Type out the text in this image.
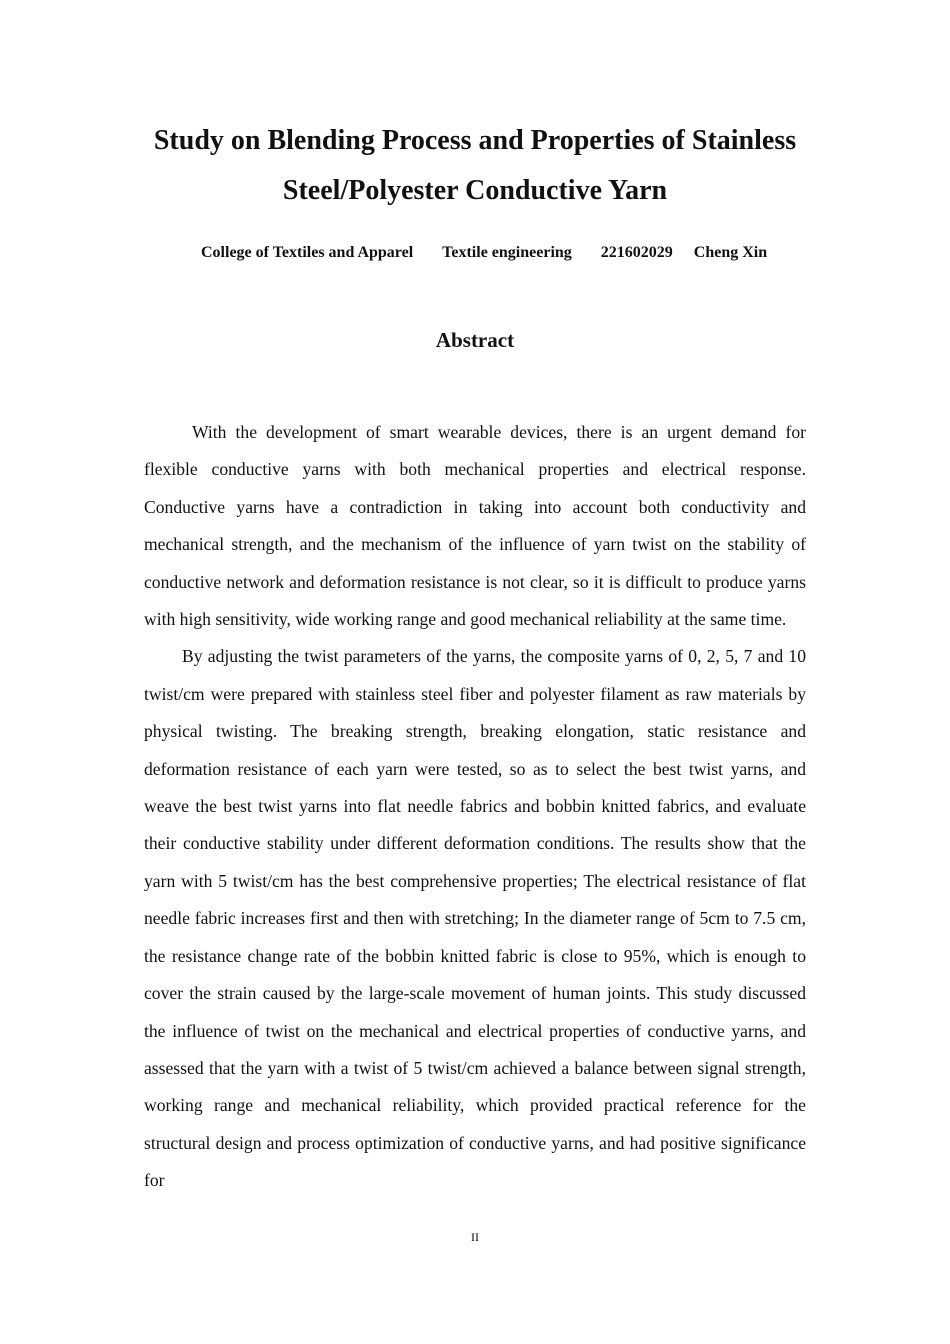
Study on Blending Process and Properties of Stainless
Steel/Polyester Conductive Yarn
College of Textiles and Apparel Textile engineering 221602029 Cheng Xin
Abstract

With the development of smart wearable devices, there is an urgent demand for flexible conductive yarns with both mechanical properties and electrical response. Conductive yarns have a contradiction in taking into account both conductivity and mechanical strength, and the mechanism of the influence of yarn twist on the stability of conductive network and deformation resistance is not clear, so it is difficult to produce yarns with high sensitivity, wide working range and good mechanical reliability at the same time.

By adjusting the twist parameters of the yarns, the composite yarns of 0, 2, 5, 7 and 10 twist/cm were prepared with stainless steel fiber and polyester filament as raw materials by physical twisting. The breaking strength, breaking elongation, static resistance and deformation resistance of each yarn were tested, so as to select the best twist yarns, and weave the best twist yarns into flat needle fabrics and bobbin knitted fabrics, and evaluate their conductive stability under different deformation conditions. The results show that the yarn with 5 twist/cm has the best comprehensive properties; The electrical resistance of flat needle fabric increases first and then with stretching; In the diameter range of 5cm to 7.5 cm, the resistance change rate of the bobbin knitted fabric is close to 95%, which is enough to cover the strain caused by the large-scale movement of human joints. This study discussed the influence of twist on the mechanical and electrical properties of conductive yarns, and assessed that the yarn with a twist of 5 twist/cm achieved a balance between signal strength, working range and mechanical reliability, which provided practical reference for the structural design and process optimization of conductive yarns, and had positive significance for

II
